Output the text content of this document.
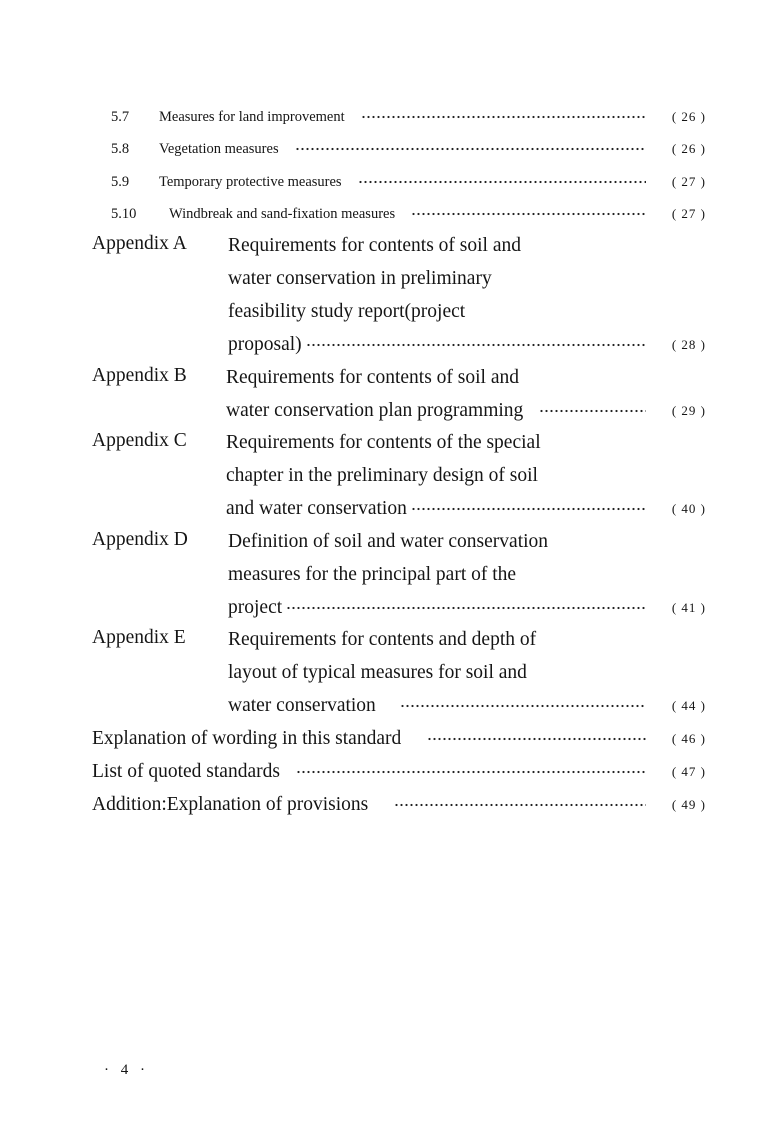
5.7	Measures for land improvement	( 26 )
5.8	Vegetation measures	( 26 )
5.9	Temporary protective measures	( 27 )
5.10	Windbreak and sand-fixation measures	( 27 )
Appendix A Requirements for contents of soil and
water conservation in preliminary
feasibility study report(project
proposal)	( 28 )
Appendix B Requirements for contents of soil and
water conservation plan programming	( 29 )
Appendix C Requirements for contents of the special
chapter in the preliminary design of soil
and water conservation	( 40 )
Appendix D Definition of soil and water conservation
measures for the principal part of the
project	( 41 )
Appendix E Requirements for contents and depth of
layout of typical measures for soil and
water conservation	( 44 )
Explanation of wording in this standard	( 46 )
List of quoted standards	( 47 )
Addition:Explanation of provisions	( 49 )
· 4 ·
